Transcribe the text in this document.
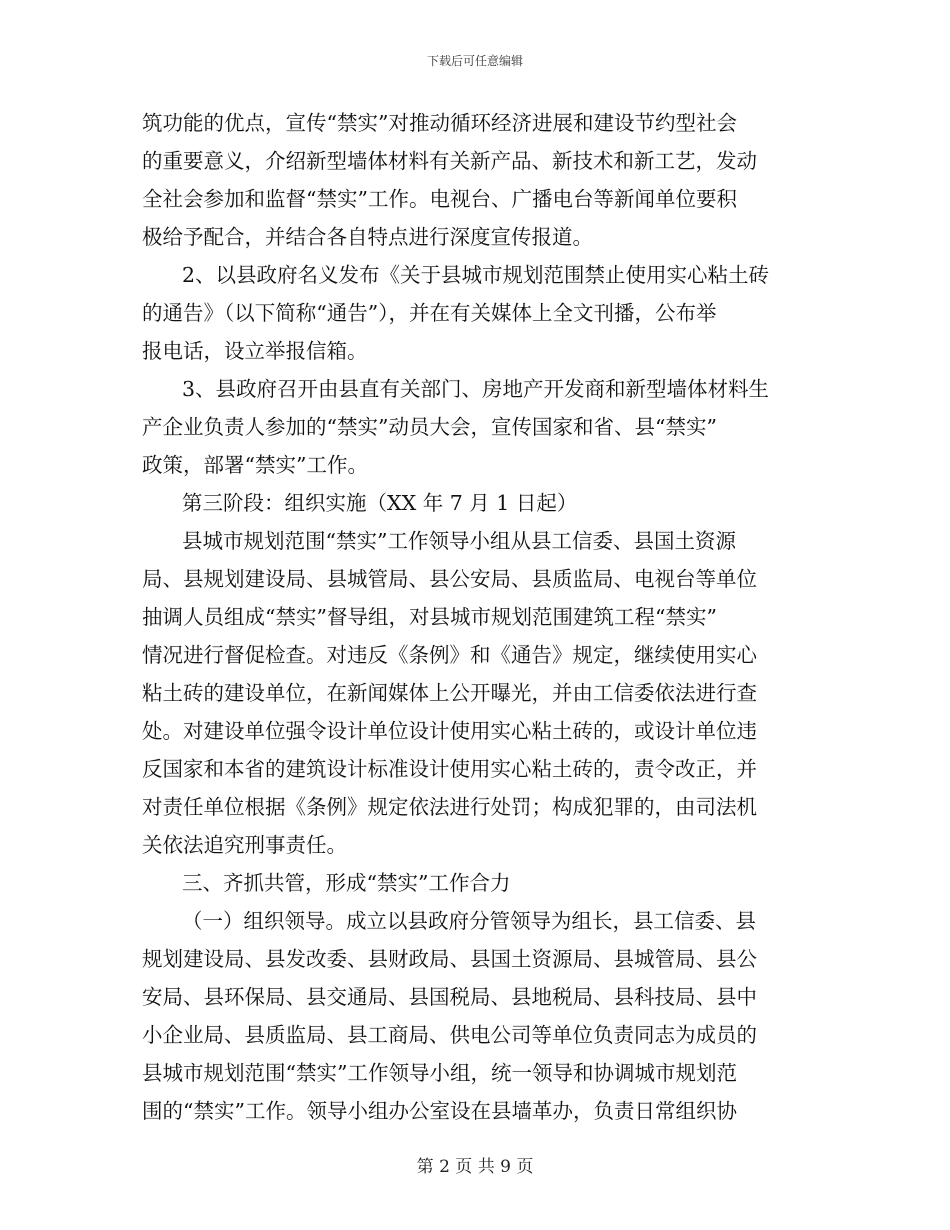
下载后可任意编辑
筑功能的优点，宣传“禁实”对推动循环经济进展和建设节约型社会
的重要意义，介绍新型墙体材料有关新产品、新技术和新工艺，发动
全社会参加和监督“禁实”工作。电视台、广播电台等新闻单位要积
极给予配合，并结合各自特点进行深度宣传报道。
2、以县政府名义发布《关于县城市规划范围禁止使用实心粘土砖
的通告》（以下简称“通告”），并在有关媒体上全文刊播，公布举
报电话，设立举报信箱。
3、县政府召开由县直有关部门、房地产开发商和新型墙体材料生
产企业负责人参加的“禁实”动员大会，宣传国家和省、县“禁实”
政策，部署“禁实”工作。
第三阶段：组织实施（XX 年 7 月 1 日起）
县城市规划范围“禁实”工作领导小组从县工信委、县国土资源
局、县规划建设局、县城管局、县公安局、县质监局、电视台等单位
抽调人员组成“禁实”督导组，对县城市规划范围建筑工程“禁实”
情况进行督促检查。对违反《条例》和《通告》规定，继续使用实心
粘土砖的建设单位，在新闻媒体上公开曝光，并由工信委依法进行查
处。对建设单位强令设计单位设计使用实心粘土砖的，或设计单位违
反国家和本省的建筑设计标准设计使用实心粘土砖的，责令改正，并
对责任单位根据《条例》规定依法进行处罚；构成犯罪的，由司法机
关依法追究刑事责任。
三、齐抓共管，形成“禁实”工作合力
（一）组织领导。成立以县政府分管领导为组长，县工信委、县
规划建设局、县发改委、县财政局、县国土资源局、县城管局、县公
安局、县环保局、县交通局、县国税局、县地税局、县科技局、县中
小企业局、县质监局、县工商局、供电公司等单位负责同志为成员的
县城市规划范围“禁实”工作领导小组，统一领导和协调城市规划范
围的“禁实”工作。领导小组办公室设在县墙革办，负责日常组织协
第 2 页 共 9 页
